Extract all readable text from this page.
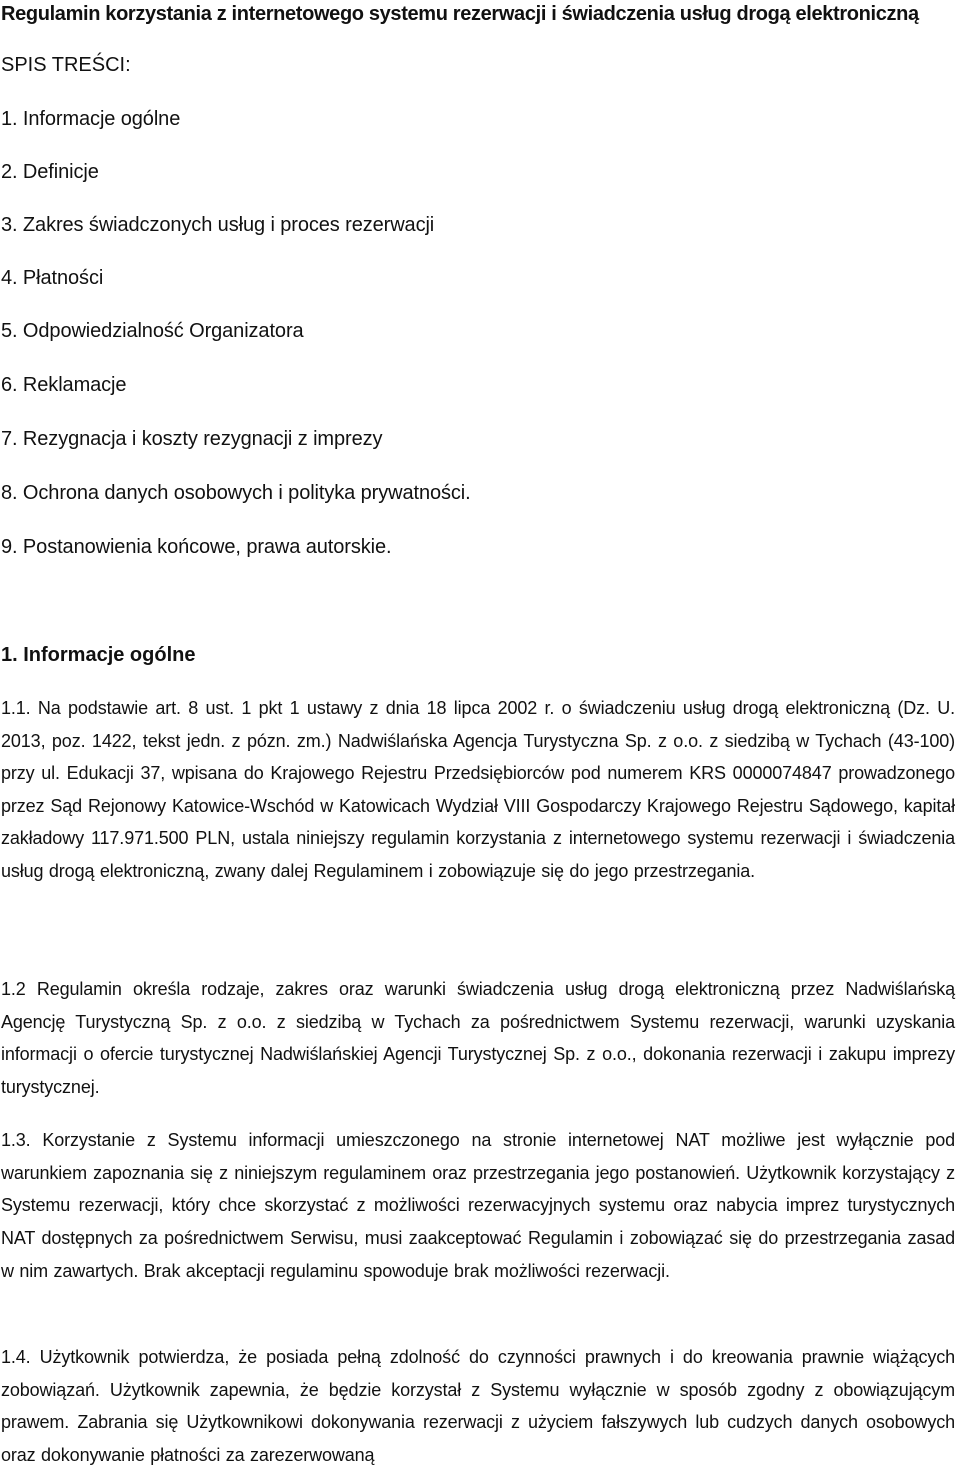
Regulamin korzystania z internetowego systemu rezerwacji i świadczenia usług drogą elektroniczną
SPIS TREŚCI:
1. Informacje ogólne
2. Definicje
3. Zakres świadczonych usług i proces rezerwacji
4. Płatności
5. Odpowiedzialność Organizatora
6. Reklamacje
7. Rezygnacja i koszty rezygnacji z imprezy
8. Ochrona danych osobowych i polityka prywatności.
9. Postanowienia końcowe, prawa autorskie.
1. Informacje ogólne
1.1. Na podstawie art. 8 ust. 1 pkt 1 ustawy z dnia 18 lipca 2002 r. o świadczeniu usług drogą elektroniczną (Dz. U. 2013, poz. 1422, tekst jedn. z pózn. zm.) Nadwiślańska Agencja Turystyczna Sp. z o.o. z siedzibą w Tychach (43-100) przy ul. Edukacji 37, wpisana do Krajowego Rejestru Przedsiębiorców pod numerem KRS 0000074847 prowadzonego przez Sąd Rejonowy Katowice-Wschód w Katowicach Wydział VIII Gospodarczy Krajowego Rejestru Sądowego, kapitał zakładowy 117.971.500 PLN, ustala niniejszy regulamin korzystania z internetowego systemu rezerwacji i świadczenia usług drogą elektroniczną, zwany dalej Regulaminem i zobowiązuje się do jego przestrzegania.
1.2 Regulamin określa rodzaje, zakres oraz warunki świadczenia usług drogą elektroniczną przez Nadwiślańską Agencję Turystyczną Sp. z o.o. z siedzibą w Tychach za pośrednictwem Systemu rezerwacji, warunki uzyskania informacji o ofercie turystycznej Nadwiślańskiej Agencji Turystycznej Sp. z o.o., dokonania rezerwacji i zakupu imprezy turystycznej.
1.3. Korzystanie z Systemu informacji umieszczonego na stronie internetowej NAT możliwe jest wyłącznie pod warunkiem zapoznania się z niniejszym regulaminem oraz przestrzegania jego postanowień. Użytkownik korzystający z Systemu rezerwacji, który chce skorzystać z możliwości rezerwacyjnych systemu oraz nabycia imprez turystycznych NAT dostępnych za pośrednictwem Serwisu, musi zaakceptować Regulamin i zobowiązać się do przestrzegania zasad w nim zawartych. Brak akceptacji regulaminu spowoduje brak możliwości rezerwacji.
1.4. Użytkownik potwierdza, że posiada pełną zdolność do czynności prawnych i do kreowania prawnie wiążących zobowiązań. Użytkownik zapewnia, że będzie korzystał z Systemu wyłącznie w sposób zgodny z obowiązującym prawem. Zabrania się Użytkownikowi dokonywania rezerwacji z użyciem fałszywych lub cudzych danych osobowych oraz dokonywanie płatności za zarezerwowaną
